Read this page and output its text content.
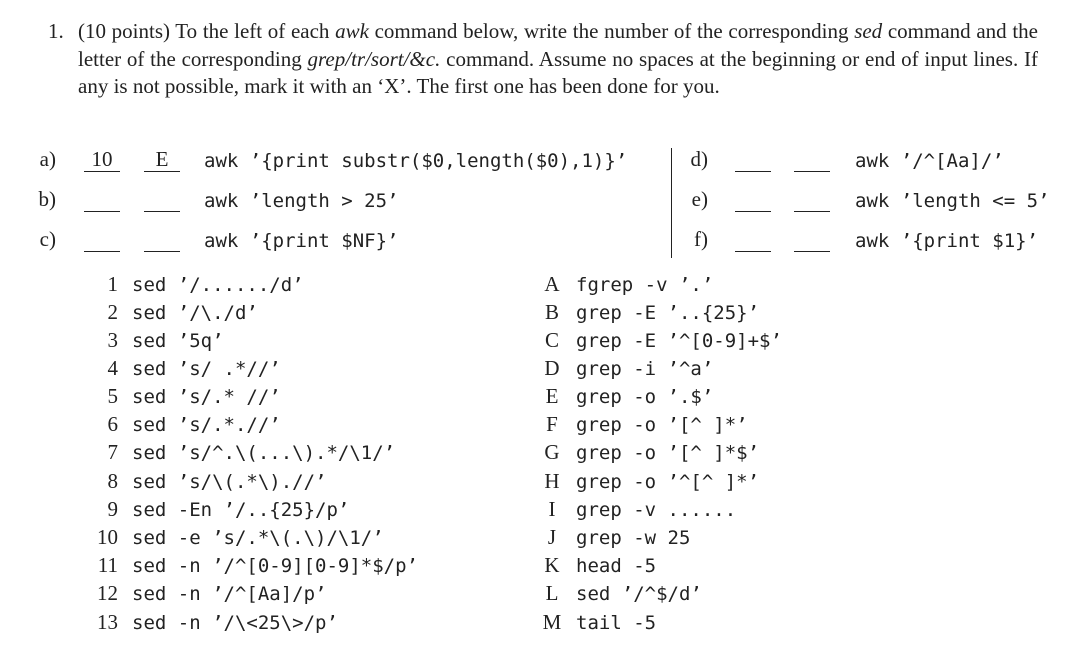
1. (10 points) To the left of each awk command below, write the number of the corresponding sed command and the letter of the corresponding grep/tr/sort/&c. command. Assume no spaces at the beginning or end of input lines. If any is not possible, mark it with an ‘X’. The first one has been done for you.
a)	10	E	awk ’{print substr($0,length($0),1)}’
b)	awk ’length > 25’
c)	awk ’{print $NF}’
d)	awk ’/^[Aa]/’
e)	awk ’length <= 5’
f)	awk ’{print $1}’
1 sed ’/....../d’
2 sed ’/\./d’
3 sed ’5q’
4 sed ’s/ .*//’
5 sed ’s/.* //’
6 sed ’s/.*.//’
7 sed ’s/^.\(...\).*/\1/’
8 sed ’s/\(.*\).//’
9 sed -En ’/..{25}/p’
10 sed -e ’s/.*\(.\)/\1/’
11 sed -n ’/^[0-9][0-9]*$/p’
12 sed -n ’/^[Aa]/p’
13 sed -n ’/\<25\>/p’
A fgrep -v ’.’
B grep -E ’..{25}’
C grep -E ’^[0-9]+$’
D grep -i ’^a’
E grep -o ’.$’
F grep -o ’[^ ]*’
G grep -o ’[^ ]*$’
H grep -o ’^[^ ]*’
I grep -v ......
J grep -w 25
K head -5
L sed ’/^$/d’
M tail -5
